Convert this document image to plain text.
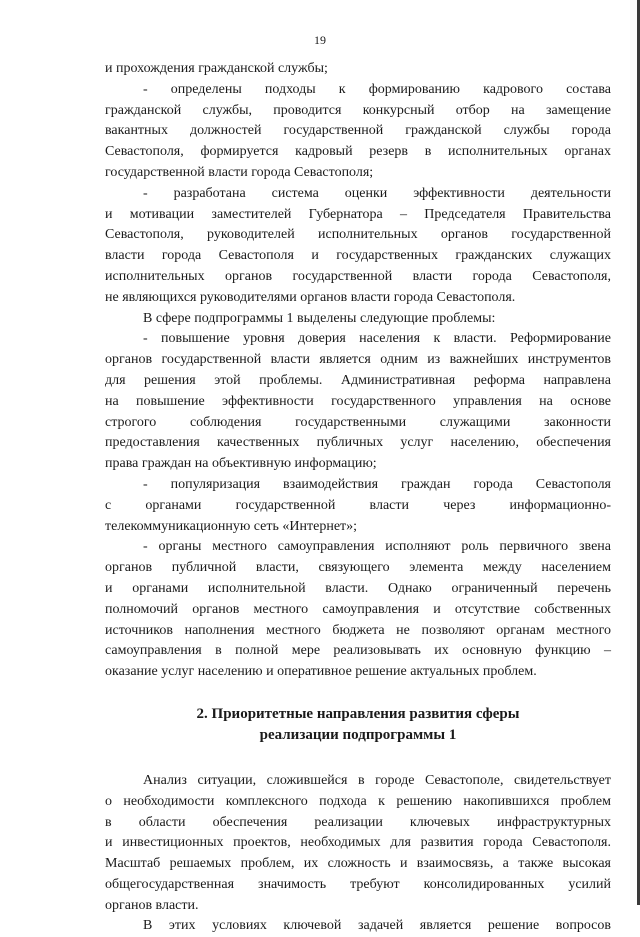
19
и прохождения гражданской службы;
- определены подходы к формированию кадрового состава
гражданской службы, проводится конкурсный отбор на замещение
вакантных должностей государственной гражданской службы города
Севастополя, формируется кадровый резерв в исполнительных органах
государственной власти города Севастополя;
- разработана система оценки эффективности деятельности
и мотивации заместителей Губернатора – Председателя Правительства
Севастополя, руководителей исполнительных органов государственной
власти города Севастополя и государственных гражданских служащих
исполнительных органов государственной власти города Севастополя,
не являющихся руководителями органов власти города Севастополя.
В сфере подпрограммы 1 выделены следующие проблемы:
- повышение уровня доверия населения к власти. Реформирование
органов государственной власти является одним из важнейших инструментов
для решения этой проблемы. Административная реформа направлена
на повышение эффективности государственного управления на основе
строгого соблюдения государственными служащими законности
предоставления качественных публичных услуг населению, обеспечения
права граждан на объективную информацию;
- популяризация взаимодействия граждан города Севастополя
с органами государственной власти через информационно-
телекоммуникационную сеть «Интернет»;
- органы местного самоуправления исполняют роль первичного звена
органов публичной власти, связующего элемента между населением
и органами исполнительной власти. Однако ограниченный перечень
полномочий органов местного самоуправления и отсутствие собственных
источников наполнения местного бюджета не позволяют органам местного
самоуправления в полной мере реализовывать их основную функцию –
оказание услуг населению и оперативное решение актуальных проблем.
2. Приоритетные направления развития сферы
реализации подпрограммы 1
Анализ ситуации, сложившейся в городе Севастополе, свидетельствует
о необходимости комплексного подхода к решению накопившихся проблем
в области обеспечения реализации ключевых инфраструктурных
и инвестиционных проектов, необходимых для развития города Севастополя.
Масштаб решаемых проблем, их сложность и взаимосвязь, а также высокая
общегосударственная значимость требуют консолидированных усилий
органов власти.
В этих условиях ключевой задачей является решение вопросов
